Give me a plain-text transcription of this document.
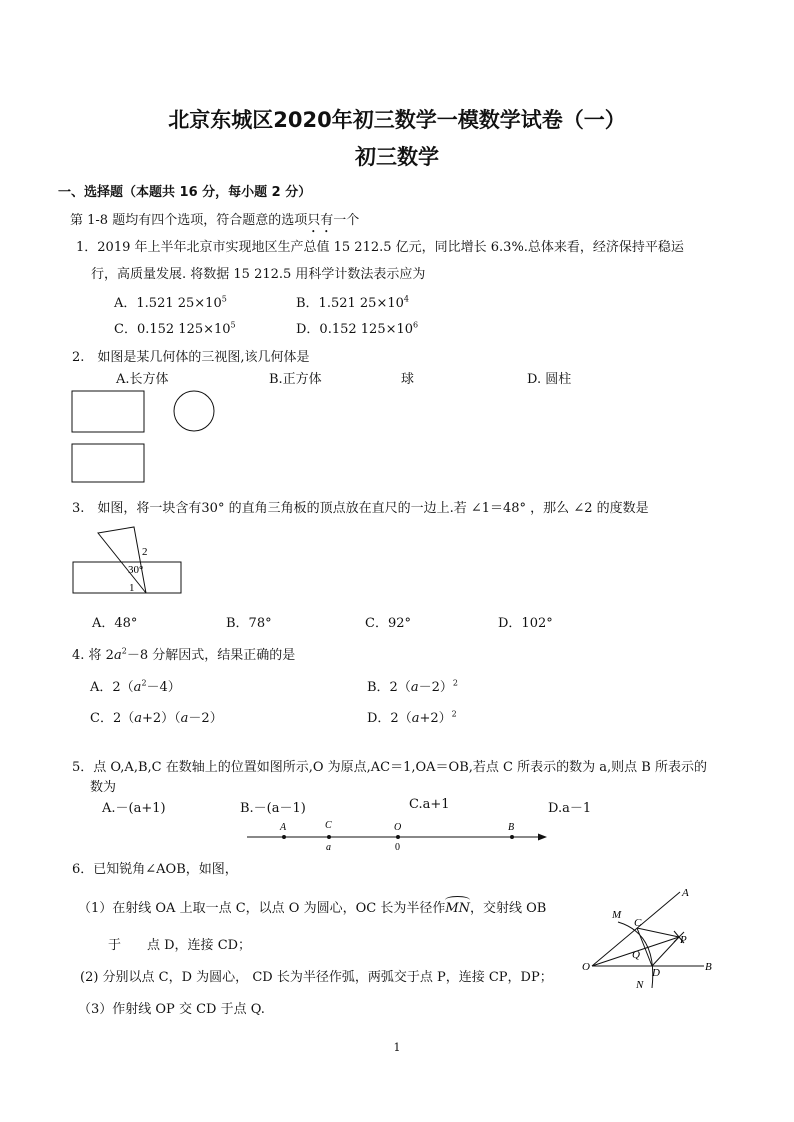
北京东城区2020年初三数学一模数学试卷（一）
初三数学
一、选择题（本题共 16 分，每小题 2 分）
第 1-8 题均有四个选项，符合题意的选项只有一个
1．2019 年上半年北京市实现地区生产总值 15 212.5 亿元，同比增长 6.3%.总体来看，经济保持平稳运
行，高质量发展. 将数据 15 212.5 用科学计数法表示应为
A．1.521 $25\times 10^5$	B．1.521 $25\times 10^4$
C．0.152 $125\times 10^5$	D．0.152 $125\times 10^6$
2.　如图是某几何体的三视图,该几何体是
A.长方体	B.正方体	球	D. 圆柱
3.　如图，将一块含有30° 的直角三角板的顶点放在直尺的一边上.若 ∠1＝48° ，那么 ∠2 的度数是
2
30°
1
A．48°	B．78°	C．92°	D．102°
4. 将 $2a^2-8$ 分解因式，结果正确的是
A．$2(a^2-4)$	B．$2(a-2)^2$
C．2（a+2）（a－2）	D．$2(a+2)^2$
5．点 O,A,B,C 在数轴上的位置如图所示,O 为原点,AC＝1,OA＝OB,若点 C 所表示的数为 a,则点 B 所表示的
数为
A.－(a+1)	B.－(a－1)	C.a+1	D.a－1
A	C	O	B
a	0
6．已知锐角∠AOB，如图，
（1）在射线 OA 上取一点 C，以点 O 为圆心，OC 长为半径作
MN，交射线 OB
于　　点 D，连接 CD；
(2) 分别以点 C，D 为圆心， CD 长为半径作弧，两弧交于点 P，连接 CP，DP；
（3）作射线 OP 交 CD 于点 Q.
A
M
C
P
Q
O	D	B
N
1
